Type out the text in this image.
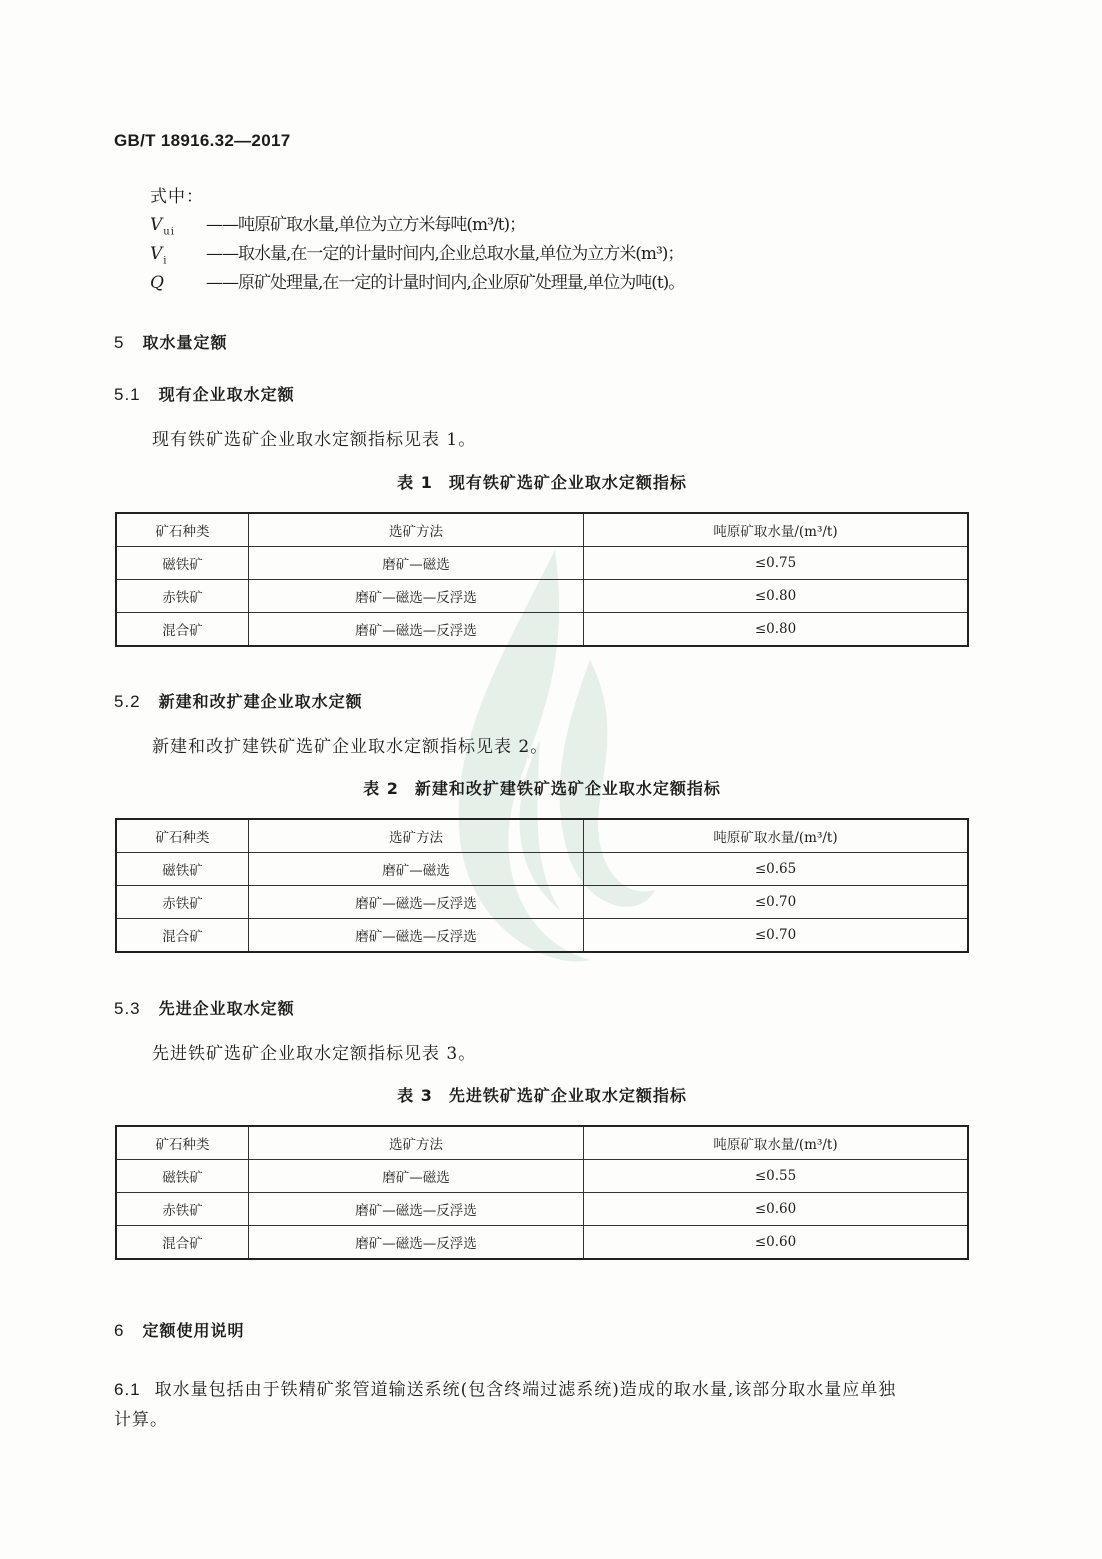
GB/T 18916.32—2017
式中：
$V_{ui}$ ——吨原矿取水量,单位为立方米每吨(m³/t)；
$V_i$ ——取水量,在一定的计量时间内,企业总取水量,单位为立方米(m³)；
Q ——原矿处理量,在一定的计量时间内,企业原矿处理量,单位为吨(t)。
5 取水量定额
5.1 现有企业取水定额
现有铁矿选矿企业取水定额指标见表 1。
表 1 现有铁矿选矿企业取水定额指标
矿石种类	选矿方法	吨原矿取水量/(m³/t)
磁铁矿	磨矿—磁选	≤0.75
赤铁矿	磨矿—磁选—反浮选	≤0.80
混合矿	磨矿—磁选—反浮选	≤0.80
5.2 新建和改扩建企业取水定额
新建和改扩建铁矿选矿企业取水定额指标见表 2。
表 2 新建和改扩建铁矿选矿企业取水定额指标
矿石种类	选矿方法	吨原矿取水量/(m³/t)
磁铁矿	磨矿—磁选	≤0.65
赤铁矿	磨矿—磁选—反浮选	≤0.70
混合矿	磨矿—磁选—反浮选	≤0.70
5.3 先进企业取水定额
先进铁矿选矿企业取水定额指标见表 3。
表 3 先进铁矿选矿企业取水定额指标
矿石种类	选矿方法	吨原矿取水量/(m³/t)
磁铁矿	磨矿—磁选	≤0.55
赤铁矿	磨矿—磁选—反浮选	≤0.60
混合矿	磨矿—磁选—反浮选	≤0.60
6 定额使用说明
6.1 取水量包括由于铁精矿浆管道输送系统(包含终端过滤系统)造成的取水量,该部分取水量应单独
计算。
